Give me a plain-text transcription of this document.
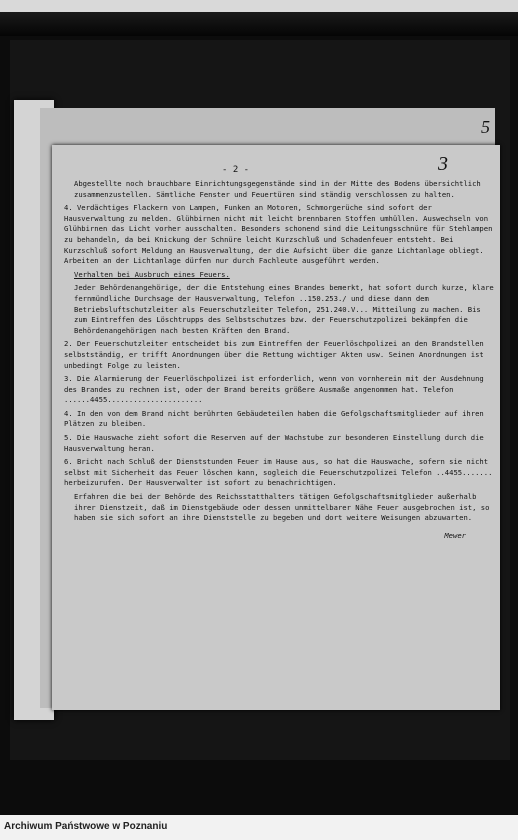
5
3
- 2 -

Abgestellte noch brauchbare Einrichtungsgegenstände sind in der Mitte des Bodens übersichtlich zusammenzustellen. Sämtliche Fenster und Feuertüren sind ständig verschlossen zu halten.

4. Verdächtiges Flackern von Lampen, Funken an Motoren, Schmorgerüche sind sofort der Hausverwaltung zu melden. Glühbirnen nicht mit leicht brennbaren Stoffen umhüllen. Auswechseln von Glühbirnen das Licht vorher ausschalten. Besonders schonend sind die Leitungsschnüre für Stehlampen zu behandeln, da bei Knickung der Schnüre leicht Kurzschluß und Schadenfeuer entsteht. Bei Kurzschluß sofort Meldung an Hausverwaltung, der die Aufsicht über die ganze Lichtanlage obliegt. Arbeiten an der Lichtanlage dürfen nur durch Fachleute ausgeführt werden.

Verhalten bei Ausbruch eines Feuers.

Jeder Behördenangehörige, der die Entstehung eines Brandes bemerkt, hat sofort durch kurze, klare fernmündliche Durchsage der Hausverwaltung, Telefon ..150.253./ und diese dann dem Betriebsluftschutzleiter als Feuerschutzleiter Telefon, 251.240.V... Mitteilung zu machen. Bis zum Eintreffen des Löschtrupps des Selbstschutzes bzw. der Feuerschutzpolizei bekämpfen die Behördenangehörigen nach besten Kräften den Brand.

2. Der Feuerschutzleiter entscheidet bis zum Eintreffen der Feuerlöschpolizei an den Brandstellen selbstständig, er trifft Anordnungen über die Rettung wichtiger Akten usw. Seinen Anordnungen ist unbedingt Folge zu leisten.

3. Die Alarmierung der Feuerlöschpolizei ist erforderlich, wenn von vornherein mit der Ausdehnung des Brandes zu rechnen ist, oder der Brand bereits größere Ausmaße angenommen hat. Telefon ......4455......................

4. In den von dem Brand nicht berührten Gebäudeteilen haben die Gefolgschaftsmitglieder auf ihren Plätzen zu bleiben.

5. Die Hauswache zieht sofort die Reserven auf der Wachstube zur besonderen Einstellung durch die Hausverwaltung heran.

6. Bricht nach Schluß der Dienststunden Feuer im Hause aus, so hat die Hauswache, sofern sie nicht selbst mit Sicherheit das Feuer löschen kann, sogleich die Feuerschutzpolizei Telefon ..4455....... herbeizurufen. Der Hausverwalter ist sofort zu benachrichtigen.

Erfahren die bei der Behörde des Reichsstatthalters tätigen Gefolgschaftsmitglieder außerhalb ihrer Dienstzeit, daß im Dienstgebäude oder dessen unmittelbarer Nähe Feuer ausgebrochen ist, so haben sie sich sofort an ihre Dienststelle zu begeben und dort weitere Weisungen abzuwarten.

Mewer

Archiwum Państwowe w Poznaniu
